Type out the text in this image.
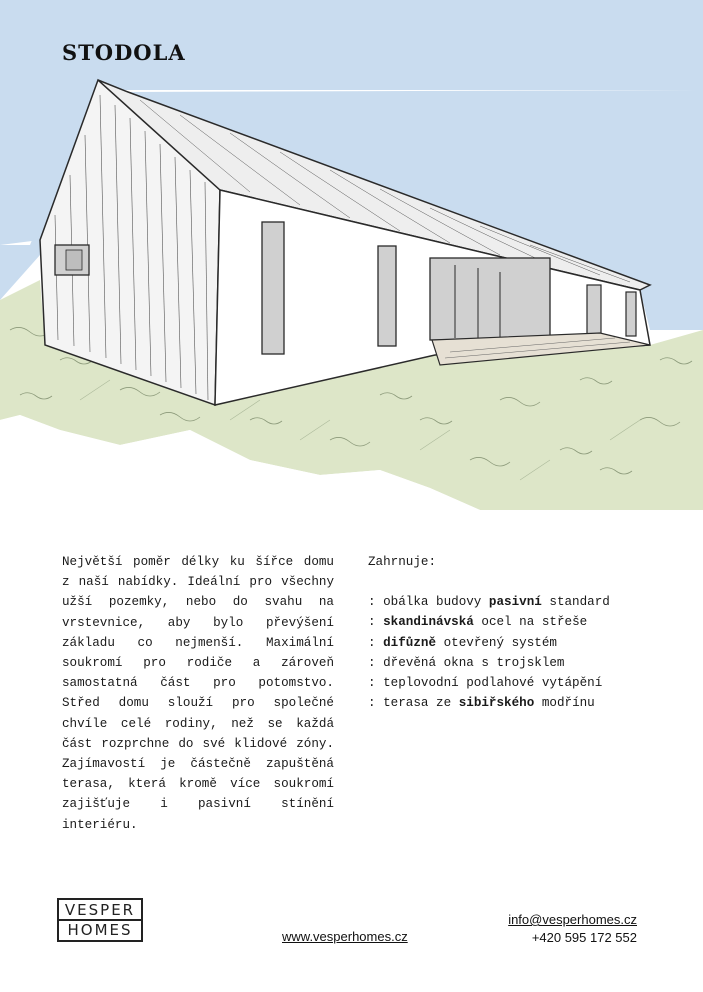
STODOLA

Největší poměr délky ku šířce domu z naší nabídky. Ideální pro všechny užší pozemky, nebo do svahu na vrstevnice, aby bylo převýšení základu co nejmenší. Maximální soukromí pro rodiče a zároveň samostatná část pro potomstvo. Střed domu slouží pro společné chvíle celé rodiny, než se každá část rozprchne do své klidové zóny. Zajímavostí je částečně zapuštěná terasa, která kromě více soukromí zajišťuje i pasivní stínění interiéru.

Zahrnuje:
: obálka budovy pasivní standard
: skandinávská ocel na střeše
: difůzně otevřený systém
: dřevěná okna s trojsklem
: teplovodní podlahové vytápění
: terasa ze sibiřského modřínu
VESPER
HOMES	www.vesperhomes.cz
info@vesperhomes.cz
+420 595 172 552
